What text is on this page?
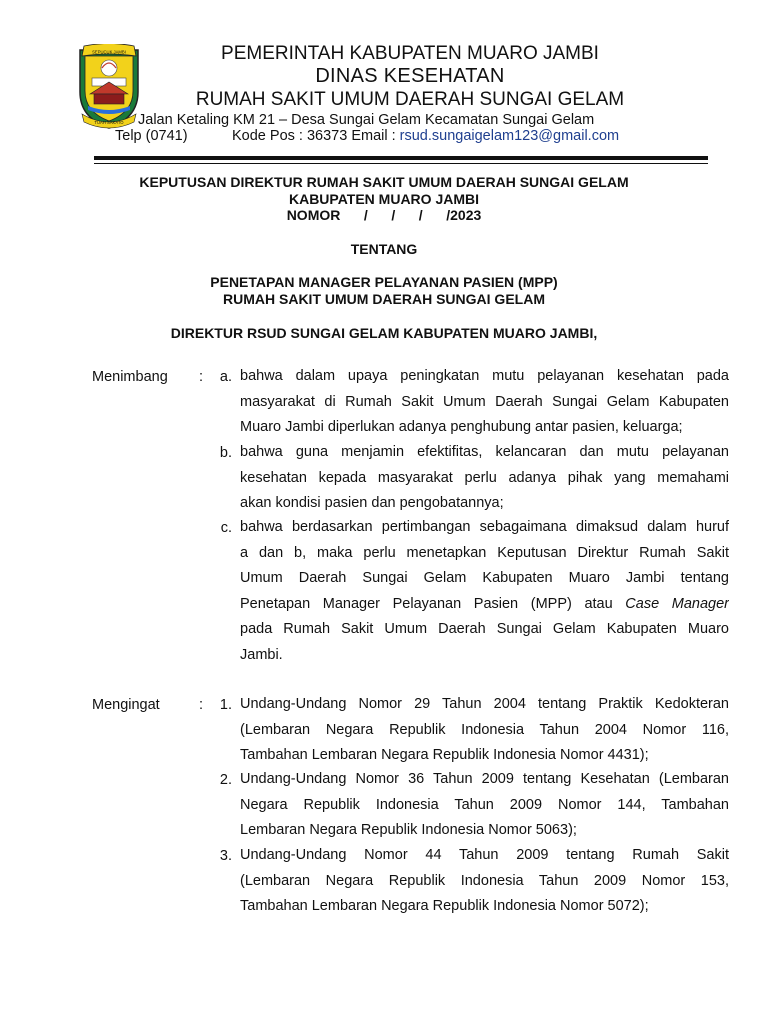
SEPUCUK JAMBI
TUAH SAKATO
PEMERINTAH KABUPATEN MUARO JAMBI
DINAS KESEHATAN
RUMAH SAKIT UMUM DAERAH SUNGAI GELAM
Jalan Ketaling KM 21 – Desa Sungai Gelam Kecamatan Sungai Gelam
Telp (0741)	Kode Pos : 36373 Email : rsud.sungaigelam123@gmail.com
KEPUTUSAN DIREKTUR RUMAH SAKIT UMUM DAERAH SUNGAI GELAM
KABUPATEN MUARO JAMBI
NOMOR    /    /    /    /2023
TENTANG
PENETAPAN MANAGER PELAYANAN PASIEN (MPP)
RUMAH SAKIT UMUM DAERAH SUNGAI GELAM
DIREKTUR RSUD SUNGAI GELAM KABUPATEN MUARO JAMBI,
Menimbang :	a. bahwa dalam upaya peningkatan mutu pelayanan kesehatan pada
masyarakat di Rumah Sakit Umum Daerah Sungai Gelam Kabupaten
Muaro Jambi diperlukan adanya penghubung antar pasien, keluarga;
b. bahwa guna menjamin efektifitas, kelancaran dan mutu pelayanan
kesehatan kepada masyarakat perlu adanya pihak yang memahami
akan kondisi pasien dan pengobatannya;
c. bahwa berdasarkan pertimbangan sebagaimana dimaksud dalam huruf
a dan b, maka perlu menetapkan Keputusan Direktur Rumah Sakit
Umum Daerah Sungai Gelam Kabupaten Muaro Jambi tentang
Penetapan Manager Pelayanan Pasien (MPP) atau Case Manager
pada Rumah Sakit Umum Daerah Sungai Gelam Kabupaten Muaro
Jambi.
Mengingat	:	1. Undang-Undang Nomor 29 Tahun 2004 tentang Praktik Kedokteran
(Lembaran Negara Republik Indonesia Tahun 2004 Nomor 116,
Tambahan Lembaran Negara Republik Indonesia Nomor 4431);
2. Undang-Undang Nomor 36 Tahun 2009 tentang Kesehatan (Lembaran
Negara Republik Indonesia Tahun 2009 Nomor 144, Tambahan
Lembaran Negara Republik Indonesia Nomor 5063);
3. Undang-Undang Nomor 44 Tahun 2009 tentang Rumah Sakit
(Lembaran Negara Republik Indonesia Tahun 2009 Nomor 153,
Tambahan Lembaran Negara Republik Indonesia Nomor 5072);
